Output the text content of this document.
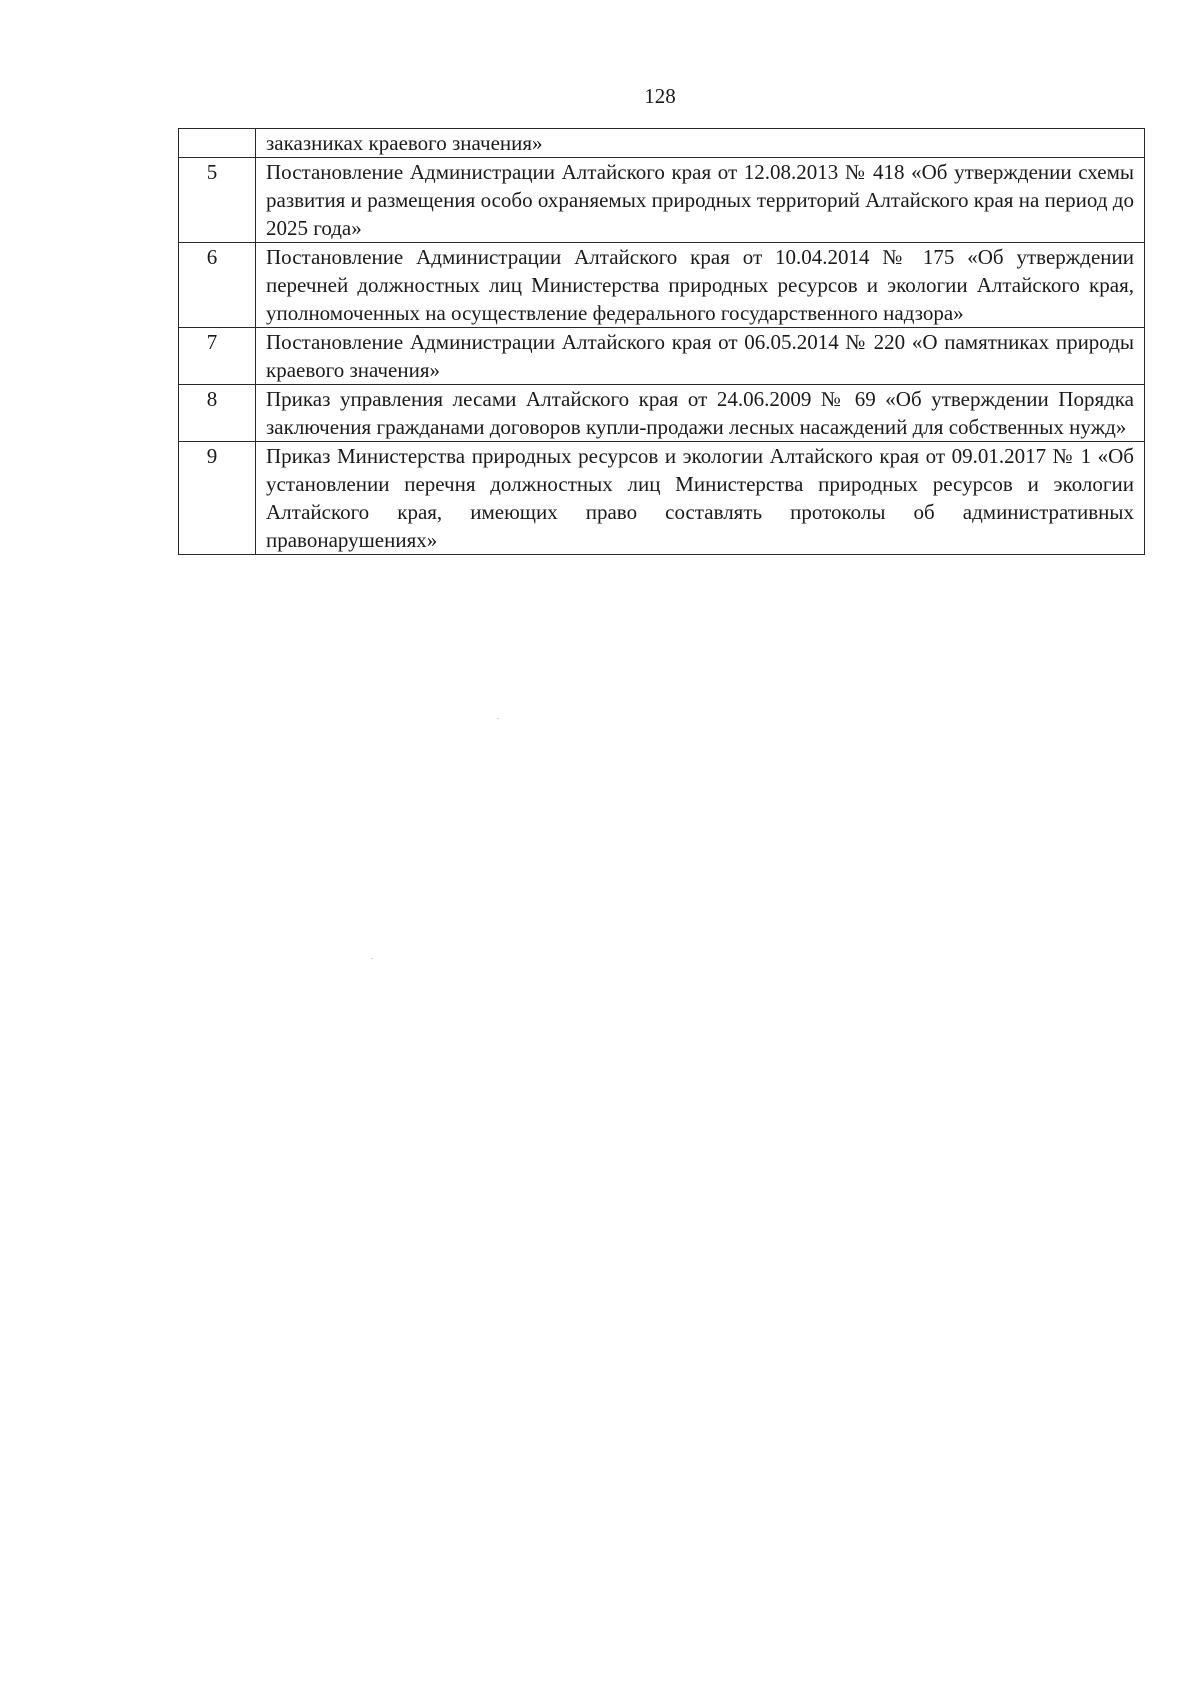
128
	заказниках краевого значения»
5	Постановление Администрации Алтайского края от 12.08.2013 № 418 «Об утверждении схемы развития и размещения особо охраняемых природных территорий Алтайского края на период до 2025 года»
6	Постановление Администрации Алтайского края от 10.04.2014 № 175 «Об утверждении перечней должностных лиц Министерства природных ресурсов и экологии Алтайского края, уполномоченных на осуществление федерального государственного надзора»
7	Постановление Администрации Алтайского края от 06.05.2014 № 220 «О памятниках природы краевого значения»
8	Приказ управления лесами Алтайского края от 24.06.2009 № 69 «Об утверждении Порядка заключения гражданами договоров купли-продажи лесных насаждений для собственных нужд»
9	Приказ Министерства природных ресурсов и экологии Алтайского края от 09.01.2017 № 1 «Об установлении перечня должностных лиц Министерства природных ресурсов и экологии Алтайского края, имеющих право составлять протоколы об административных правонарушениях»
